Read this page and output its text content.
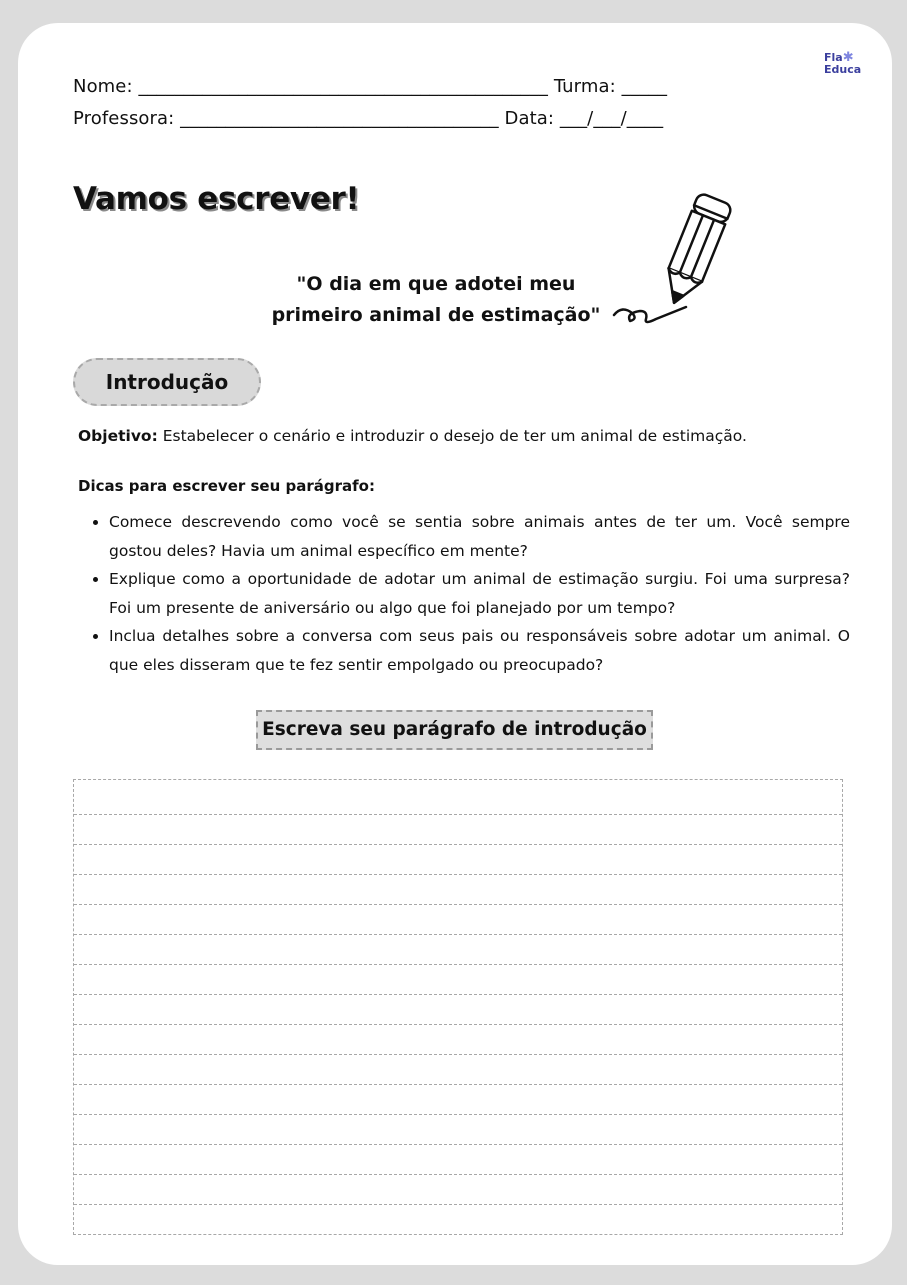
Fla✱
Educa
Nome: _____________________________________________ Turma: _____
Professora: ___________________________________ Data: ___/___/____
Vamos escrever!
"O dia em que adotei meu
primeiro animal de estimação"
Introdução
Objetivo: Estabelecer o cenário e introduzir o desejo de ter um animal de estimação.
Dicas para escrever seu parágrafo:
• Comece descrevendo como você se sentia sobre animais antes de ter um. Você sempre gostou deles? Havia um animal específico em mente?
• Explique como a oportunidade de adotar um animal de estimação surgiu. Foi uma surpresa? Foi um presente de aniversário ou algo que foi planejado por um tempo?
• Inclua detalhes sobre a conversa com seus pais ou responsáveis sobre adotar um animal. O que eles disseram que te fez sentir empolgado ou preocupado?
Escreva seu parágrafo de introdução
